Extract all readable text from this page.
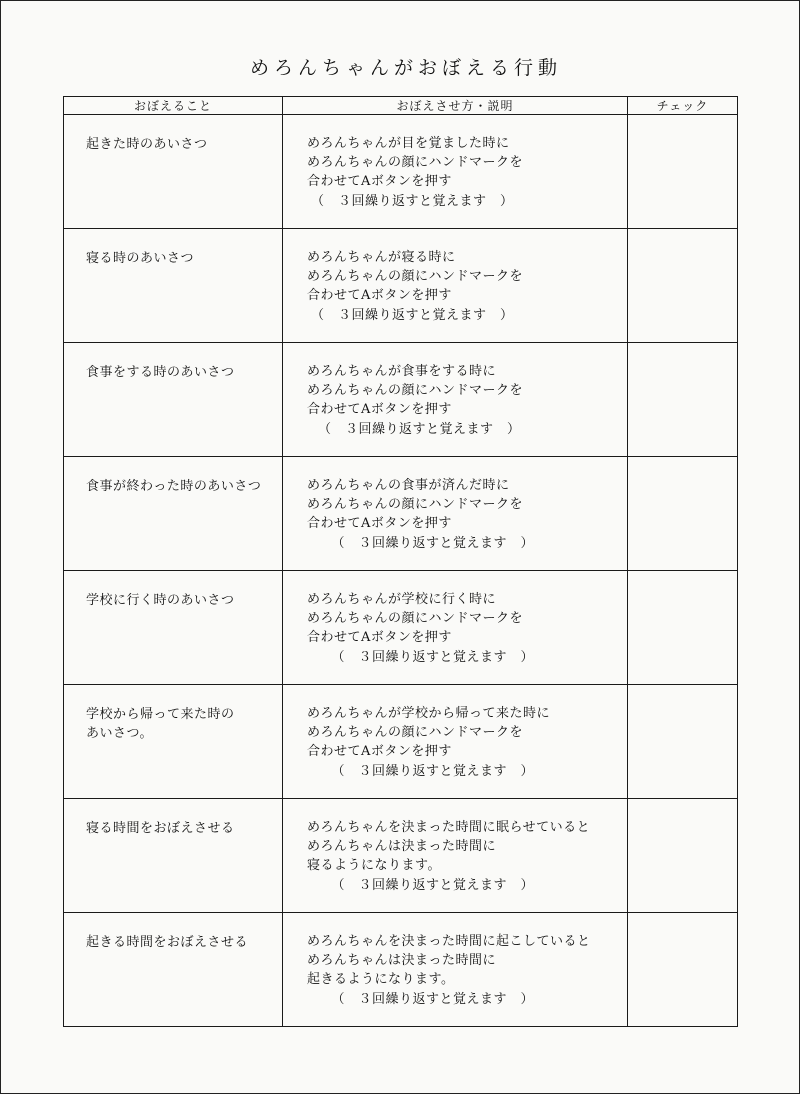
めろんちゃんがおぼえる行動
おぼえること	おぼえさせ方・説明	チェック

起きた時のあいさつ	めろんちゃんが目を覚ました時に
めろんちゃんの顔にハンドマークを
合わせてAボタンを押す
（　３回繰り返すと覚えます　）	

寝る時のあいさつ	めろんちゃんが寝る時に
めろんちゃんの顔にハンドマークを
合わせてAボタンを押す
（　３回繰り返すと覚えます　）	

食事をする時のあいさつ	めろんちゃんが食事をする時に
めろんちゃんの顔にハンドマークを
合わせてAボタンを押す
　（　３回繰り返すと覚えます　）	

食事が終わった時のあいさつ	めろんちゃんの食事が済んだ時に
めろんちゃんの顔にハンドマークを
合わせてAボタンを押す
　　（　３回繰り返すと覚えます　）	

学校に行く時のあいさつ	めろんちゃんが学校に行く時に
めろんちゃんの顔にハンドマークを
合わせてAボタンを押す
　　（　３回繰り返すと覚えます　）	

学校から帰って来た時の
あいさつ。	めろんちゃんが学校から帰って来た時に
めろんちゃんの顔にハンドマークを
合わせてAボタンを押す
　　（　３回繰り返すと覚えます　）	

寝る時間をおぼえさせる	めろんちゃんを決まった時間に眠らせていると
めろんちゃんは決まった時間に
寝るようになります。
　　（　３回繰り返すと覚えます　）	

起きる時間をおぼえさせる	めろんちゃんを決まった時間に起こしていると
めろんちゃんは決まった時間に
起きるようになります。
　　（　３回繰り返すと覚えます　）	
